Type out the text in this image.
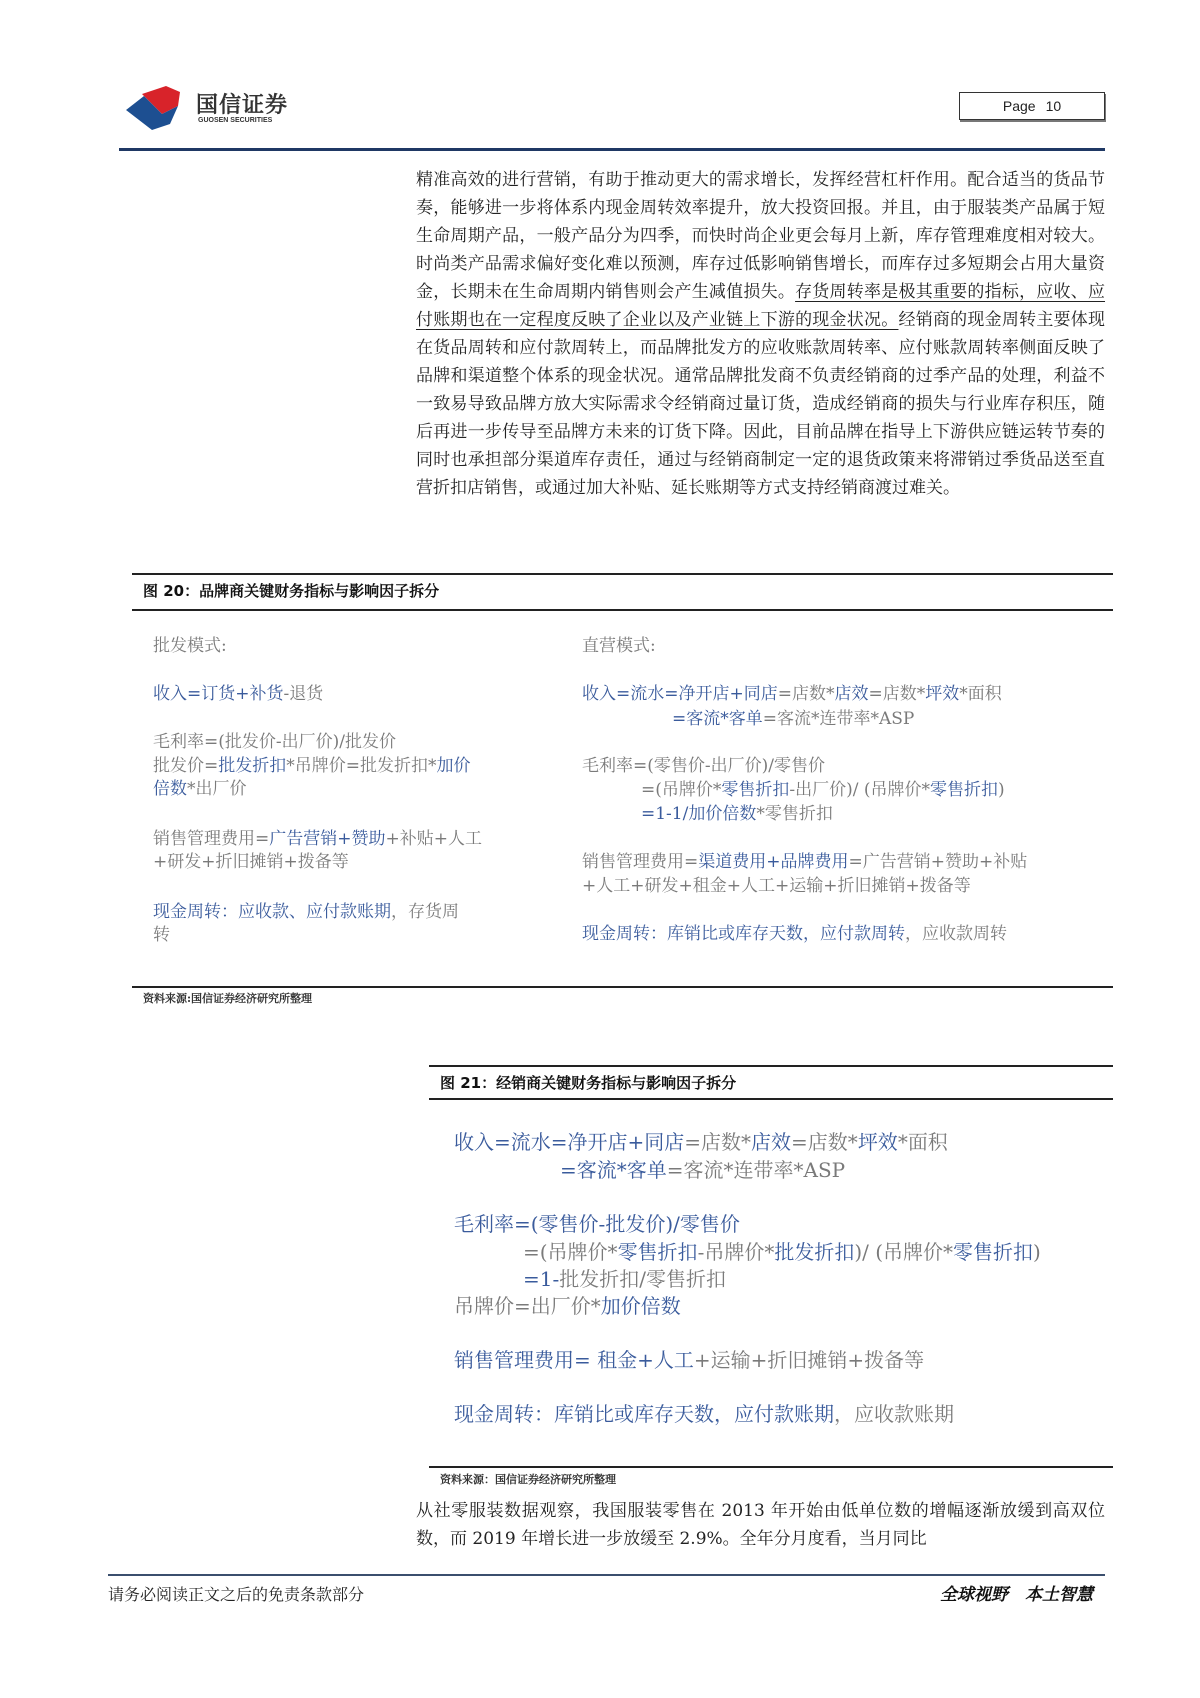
国信证券
GUOSEN SECURITIES
Page 10
精准高效的进行营销，有助于推动更大的需求增长，发挥经营杠杆作用。配合适当的货品节奏，能够进一步将体系内现金周转效率提升，放大投资回报。并且，由于服装类产品属于短生命周期产品，一般产品分为四季，而快时尚企业更会每月上新，库存管理难度相对较大。时尚类产品需求偏好变化难以预测，库存过低影响销售增长，而库存过多短期会占用大量资金，长期未在生命周期内销售则会产生减值损失。存货周转率是极其重要的指标，应收、应付账期也在一定程度反映了企业以及产业链上下游的现金状况。经销商的现金周转主要体现在货品周转和应付款周转上，而品牌批发方的应收账款周转率、应付账款周转率侧面反映了品牌和渠道整个体系的现金状况。通常品牌批发商不负责经销商的过季产品的处理，利益不一致易导致品牌方放大实际需求令经销商过量订货，造成经销商的损失与行业库存积压，随后再进一步传导至品牌方未来的订货下降。因此，目前品牌在指导上下游供应链运转节奏的同时也承担部分渠道库存责任，通过与经销商制定一定的退货政策来将滞销过季货品送至直营折扣店销售，或通过加大补贴、延长账期等方式支持经销商渡过难关。
图 20：品牌商关键财务指标与影响因子拆分
批发模式:
收入=订货+补货-退货
毛利率=(批发价-出厂价)/批发价
批发价=批发折扣*吊牌价=批发折扣*加价
倍数*出厂价
销售管理费用=广告营销+赞助+补贴+人工
+研发+折旧摊销+拨备等
现金周转：应收款、应付款账期，存货周
转
直营模式:
收入=流水=净开店+同店=店数*店效=店数*坪效*面积
=客流*客单=客流*连带率*ASP
毛利率=(零售价-出厂价)/零售价
=(吊牌价*零售折扣-出厂价)/ (吊牌价*零售折扣)
=1-1/加价倍数*零售折扣
销售管理费用=渠道费用+品牌费用=广告营销+赞助+补贴
+人工+研发+租金+人工+运输+折旧摊销+拨备等
现金周转：库销比或库存天数，应付款周转，应收款周转
资料来源:国信证券经济研究所整理
图 21：经销商关键财务指标与影响因子拆分
收入=流水=净开店+同店=店数*店效=店数*坪效*面积
=客流*客单=客流*连带率*ASP
毛利率=(零售价-批发价)/零售价
=(吊牌价*零售折扣-吊牌价*批发折扣)/ (吊牌价*零售折扣)
=1-批发折扣/零售折扣
吊牌价=出厂价*加价倍数
销售管理费用= 租金+人工+运输+折旧摊销+拨备等
现金周转：库销比或库存天数，应付款账期，应收款账期
资料来源：国信证券经济研究所整理
从社零服装数据观察，我国服装零售在 2013 年开始由低单位数的增幅逐渐放缓到高双位数，而 2019 年增长进一步放缓至 2.9%。全年分月度看，当月同比
请务必阅读正文之后的免责条款部分	全球视野　本土智慧
